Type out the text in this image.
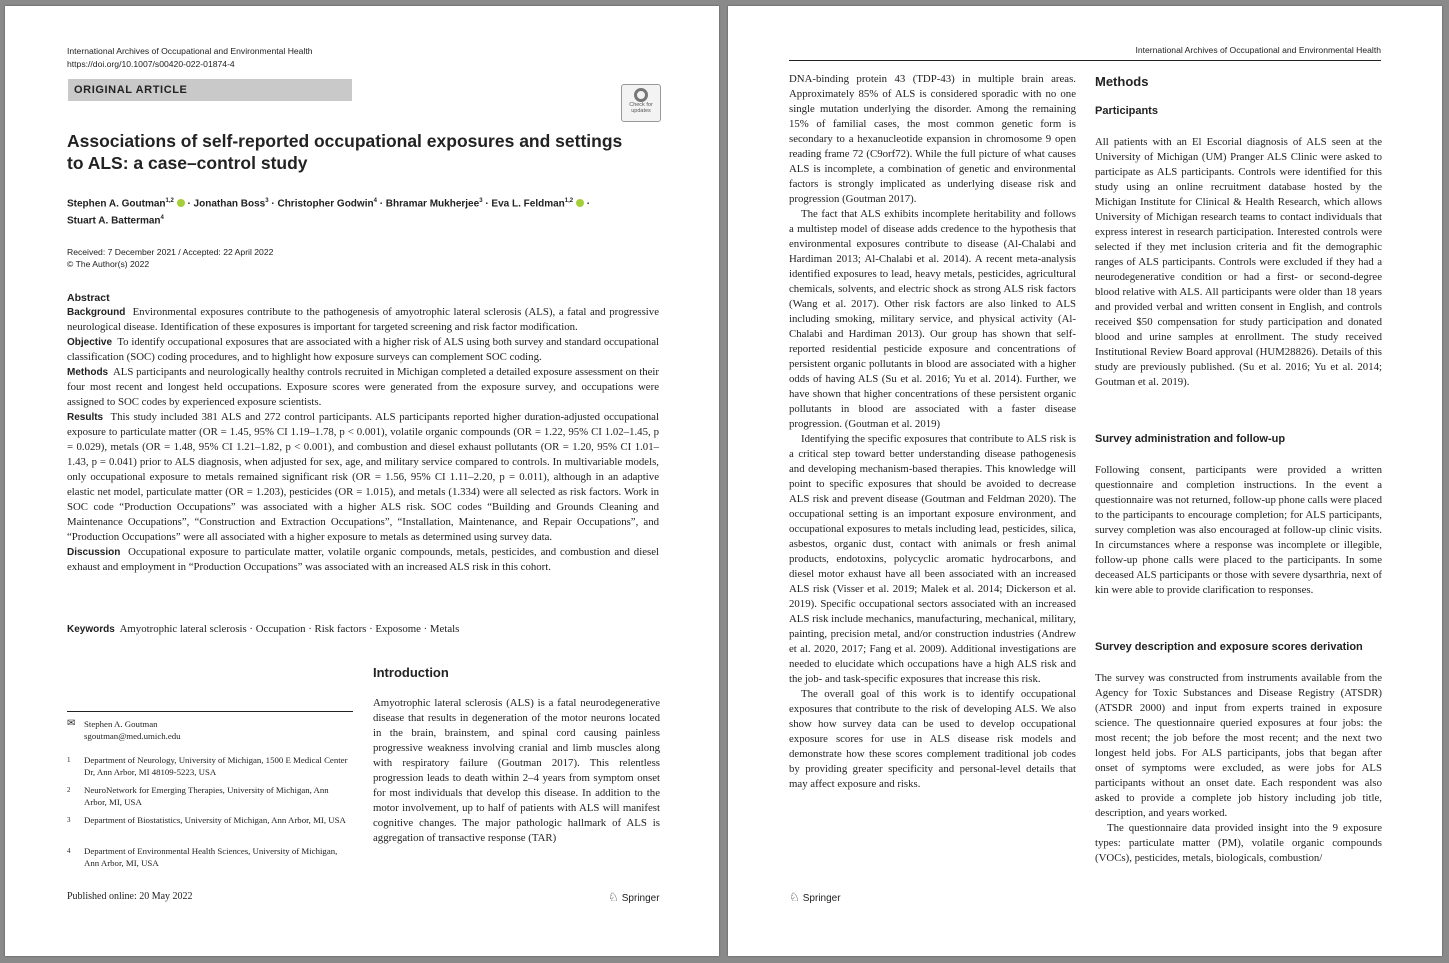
International Archives of Occupational and Environmental Health
https://doi.org/10.1007/s00420-022-01874-4
ORIGINAL ARTICLE
Check for updates
Associations of self-reported occupational exposures and settings to ALS: a case–control study
Stephen A. Goutman$^{1,2}$ · Jonathan Boss$^3$ · Christopher Godwin$^4$ · Bhramar Mukherjee$^3$ · Eva L. Feldman$^{1,2}$ ·
Stuart A. Batterman$^4$
Received: 7 December 2021 / Accepted: 22 April 2022
© The Author(s) 2022
Abstract

Background Environmental exposures contribute to the pathogenesis of amyotrophic lateral sclerosis (ALS), a fatal and progressive neurological disease. Identification of these exposures is important for targeted screening and risk factor modification.

Objective To identify occupational exposures that are associated with a higher risk of ALS using both survey and standard occupational classification (SOC) coding procedures, and to highlight how exposure surveys can complement SOC coding.

Methods ALS participants and neurologically healthy controls recruited in Michigan completed a detailed exposure assessment on their four most recent and longest held occupations. Exposure scores were generated from the exposure survey, and occupations were assigned to SOC codes by experienced exposure scientists.

Results This study included 381 ALS and 272 control participants. ALS participants reported higher duration-adjusted occupational exposure to particulate matter (OR = 1.45, 95% CI 1.19–1.78, p < 0.001), volatile organic compounds (OR = 1.22, 95% CI 1.02–1.45, p = 0.029), metals (OR = 1.48, 95% CI 1.21–1.82, p < 0.001), and combustion and diesel exhaust pollutants (OR = 1.20, 95% CI 1.01–1.43, p = 0.041) prior to ALS diagnosis, when adjusted for sex, age, and military service compared to controls. In multivariable models, only occupational exposure to metals remained significant risk (OR = 1.56, 95% CI 1.11–2.20, p = 0.011), although in an adaptive elastic net model, particulate matter (OR = 1.203), pesticides (OR = 1.015), and metals (1.334) were all selected as risk factors. Work in SOC code “Production Occupations” was associated with a higher ALS risk. SOC codes “Building and Grounds Cleaning and Maintenance Occupations”, “Construction and Extraction Occupations”, “Installation, Maintenance, and Repair Occupations”, and “Production Occupations” were all associated with a higher exposure to metals as determined using survey data.

Discussion Occupational exposure to particulate matter, volatile organic compounds, metals, pesticides, and combustion and diesel exhaust and employment in “Production Occupations” was associated with an increased ALS risk in this cohort.

Keywords Amyotrophic lateral sclerosis · Occupation · Risk factors · Exposome · Metals
Introduction

Amyotrophic lateral sclerosis (ALS) is a fatal neurodegenerative disease that results in degeneration of the motor neurons located in the brain, brainstem, and spinal cord causing painless progressive weakness involving cranial and limb muscles along with respiratory failure (Goutman 2017). This relentless progression leads to death within 2–4 years from symptom onset for most individuals that develop this disease. In addition to the motor involvement, up to half of patients with ALS will manifest cognitive changes. The major pathologic hallmark of ALS is aggregation of transactive response (TAR)

✉ Stephen A. Goutman
sgoutman@med.umich.edu
1 Department of Neurology, University of Michigan, 1500 E Medical Center Dr, Ann Arbor, MI 48109-5223, USA
2 NeuroNetwork for Emerging Therapies, University of Michigan, Ann Arbor, MI, USA
3 Department of Biostatistics, University of Michigan, Ann Arbor, MI, USA
4 Department of Environmental Health Sciences, University of Michigan, Ann Arbor, MI, USA
Published online: 20 May 2022	♘ Springer
International Archives of Occupational and Environmental Health

DNA-binding protein 43 (TDP-43) in multiple brain areas. Approximately 85% of ALS is considered sporadic with no one single mutation underlying the disorder. Among the remaining 15% of familial cases, the most common genetic form is secondary to a hexanucleotide expansion in chromosome 9 open reading frame 72 (C9orf72). While the full picture of what causes ALS is incomplete, a combination of genetic and environmental factors is strongly implicated as underlying disease risk and progression (Goutman 2017).

The fact that ALS exhibits incomplete heritability and follows a multistep model of disease adds credence to the hypothesis that environmental exposures contribute to disease (Al-Chalabi and Hardiman 2013; Al-Chalabi et al. 2014). A recent meta-analysis identified exposures to lead, heavy metals, pesticides, agricultural chemicals, solvents, and electric shock as strong ALS risk factors (Wang et al. 2017). Other risk factors are also linked to ALS including smoking, military service, and physical activity (Al-Chalabi and Hardiman 2013). Our group has shown that self-reported residential pesticide exposure and concentrations of persistent organic pollutants in blood are associated with a higher odds of having ALS (Su et al. 2016; Yu et al. 2014). Further, we have shown that higher concentrations of these persistent organic pollutants in blood are associated with a faster disease progression. (Goutman et al. 2019)

Identifying the specific exposures that contribute to ALS risk is a critical step toward better understanding disease pathogenesis and developing mechanism-based therapies. This knowledge will point to specific exposures that should be avoided to decrease ALS risk and prevent disease (Goutman and Feldman 2020). The occupational setting is an important exposure environment, and occupational exposures to metals including lead, pesticides, silica, asbestos, organic dust, contact with animals or fresh animal products, endotoxins, polycyclic aromatic hydrocarbons, and diesel motor exhaust have all been associated with an increased ALS risk (Visser et al. 2019; Malek et al. 2014; Dickerson et al. 2019). Specific occupational sectors associated with an increased ALS risk include mechanics, manufacturing, mechanical, military, painting, precision metal, and/or construction industries (Andrew et al. 2020, 2017; Fang et al. 2009). Additional investigations are needed to elucidate which occupations have a high ALS risk and the job- and task-specific exposures that increase this risk.

The overall goal of this work is to identify occupational exposures that contribute to the risk of developing ALS. We also show how survey data can be used to develop occupational exposure scores for use in ALS disease risk models and demonstrate how these scores complement traditional job codes by providing greater specificity and personal-level details that may affect exposure and risks.

Methods
Participants

All patients with an El Escorial diagnosis of ALS seen at the University of Michigan (UM) Pranger ALS Clinic were asked to participate as ALS participants. Controls were identified for this study using an online recruitment database hosted by the Michigan Institute for Clinical & Health Research, which allows University of Michigan research teams to contact individuals that express interest in research participation. Interested controls were selected if they met inclusion criteria and fit the demographic ranges of ALS participants. Controls were excluded if they had a neurodegenerative condition or had a first- or second-degree blood relative with ALS. All participants were older than 18 years and provided verbal and written consent in English, and controls received $50 compensation for study participation and donated blood and urine samples at enrollment. The study received Institutional Review Board approval (HUM28826). Details of this study are previously published. (Su et al. 2016; Yu et al. 2014; Goutman et al. 2019).

Survey administration and follow-up

Following consent, participants were provided a written questionnaire and completion instructions. In the event a questionnaire was not returned, follow-up phone calls were placed to the participants to encourage completion; for ALS participants, survey completion was also encouraged at follow-up clinic visits. In circumstances where a response was incomplete or illegible, follow-up phone calls were placed to the participants. In some deceased ALS participants or those with severe dysarthria, next of kin were able to provide clarification to responses.

Survey description and exposure scores derivation

The survey was constructed from instruments available from the Agency for Toxic Substances and Disease Registry (ATSDR) (ATSDR 2000) and input from experts trained in exposure science. The questionnaire queried exposures at four jobs: the most recent; the job before the most recent; and the next two longest held jobs. For ALS participants, jobs that began after onset of symptoms were excluded, as were jobs for ALS participants without an onset date. Each respondent was also asked to provide a complete job history including job title, description, and years worked.

The questionnaire data provided insight into the 9 exposure types: particulate matter (PM), volatile organic compounds (VOCs), pesticides, metals, biologicals, combustion/

♘ Springer
